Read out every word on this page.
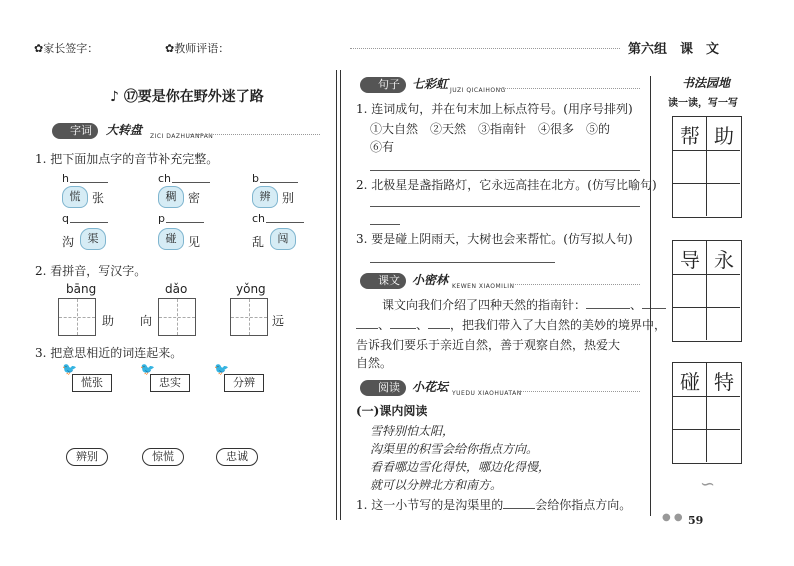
✿家长签字：	✿教师评语：	第六组　课　文
♪ ⑰要是你在野外迷了路
字词	大转盘 ZICI DAZHUANPAN
1. 把下面加点字的音节补充完整。
h
慌 张
ch
稠 密
b
辨 别
q
沟	渠
p
碰 见
ch
乱	闯
2. 看拼音，写汉字。
bāng
助
dǎo
向
yǒng
远
3. 把意思相近的词连起来。
🐦
慌张
🐦
忠实
🐦
分辨
辨别	惊慌	忠诚
句子	七彩虹 JUZI QICAIHONG
1. 连词成句，并在句末加上标点符号。(用序号排列)
①大自然　②天然　③指南针　④很多　⑤的
⑥有
2. 北极星是盏指路灯，它永远高挂在北方。(仿写比喻句)
3. 要是碰上阴雨天，大树也会来帮忙。(仿写拟人句)
课文	小密林 KEWEN XIAOMILIN
课文向我们介绍了四种天然的指南针：	、
、 、 ，把我们带入了大自然的美妙的境界中，
告诉我们要乐于亲近自然，善于观察自然，热爱大
自然。
阅读	小花坛 YUEDU XIAOHUATAN
(一)课内阅读
雪特别怕太阳，
沟渠里的积雪会给你指点方向。
看看哪边雪化得快，哪边化得慢，
就可以分辨北方和南方。
1. 这一小节写的是沟渠里的	会给你指点方向。
书法园地
读一读，写一写
帮 助
导 永
碰 特
∽
● ● 59
